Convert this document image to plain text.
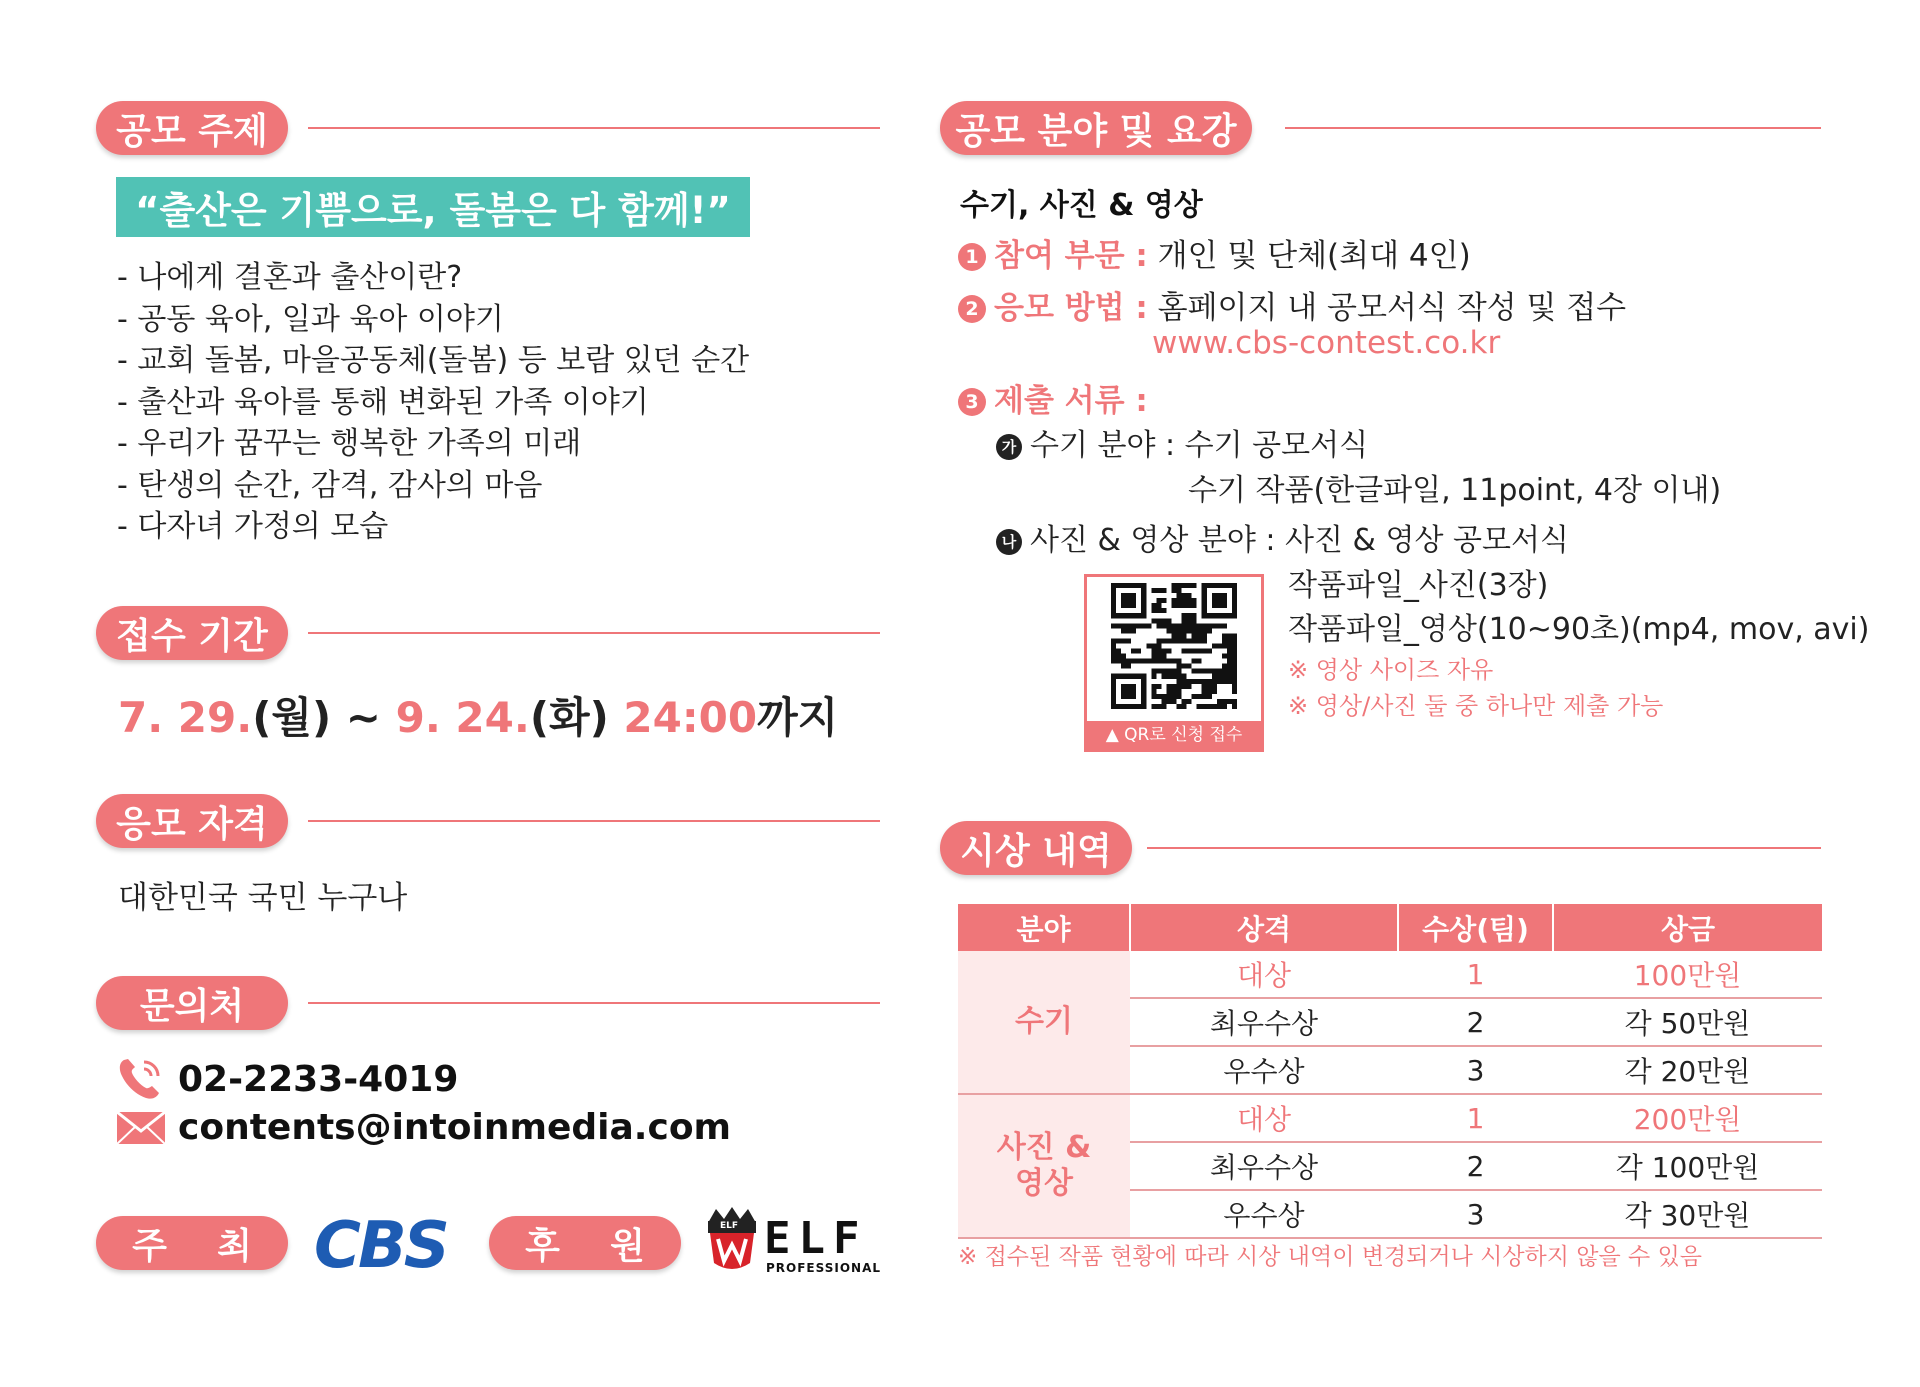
공모 주제
“출산은 기쁨으로, 돌봄은 다 함께!”
- 나에게 결혼과 출산이란?
- 공동 육아, 일과 육아 이야기
- 교회 돌봄, 마을공동체(돌봄) 등 보람 있던 순간
- 출산과 육아를 통해 변화된 가족 이야기
- 우리가 꿈꾸는 행복한 가족의 미래
- 탄생의 순간, 감격, 감사의 마음
- 다자녀 가정의 모습
접수 기간
7. 29.(월) ~ 9. 24.(화) 24:00까지
응모 자격
대한민국 국민 누구나
문의처
02-2233-4019
contents@intoinmedia.com
주    최 CBS	후    원	ELF ELF
PROFESSIONAL
공모 분야 및 요강
수기, 사진 & 영상
1 참여 부문 : 개인 및 단체(최대 4인)
2 응모 방법 : 홈페이지 내 공모서식 작성 및 접수
www.cbs-contest.co.kr
3 제출 서류 :
가 수기 분야 : 수기 공모서식
수기 작품(한글파일, 11point, 4장 이내)
나 사진 & 영상 분야 : 사진 & 영상 공모서식
작품파일_사진(3장)
작품파일_영상(10~90초)(mp4, mov, avi)
※ 영상 사이즈 자유
※ 영상/사진 둘 중 하나만 제출 가능
▲ QR로 신청 접수
시상 내역
분야	상격	수상(팀)	상금
수기	대상	1	100만원
	최우수상	2	각 50만원
	우수상	3	각 20만원
사진 &
영상	대상	1	200만원
	최우수상	2	각 100만원
	우수상	3	각 30만원
※ 접수된 작품 현황에 따라 시상 내역이 변경되거나 시상하지 않을 수 있음
